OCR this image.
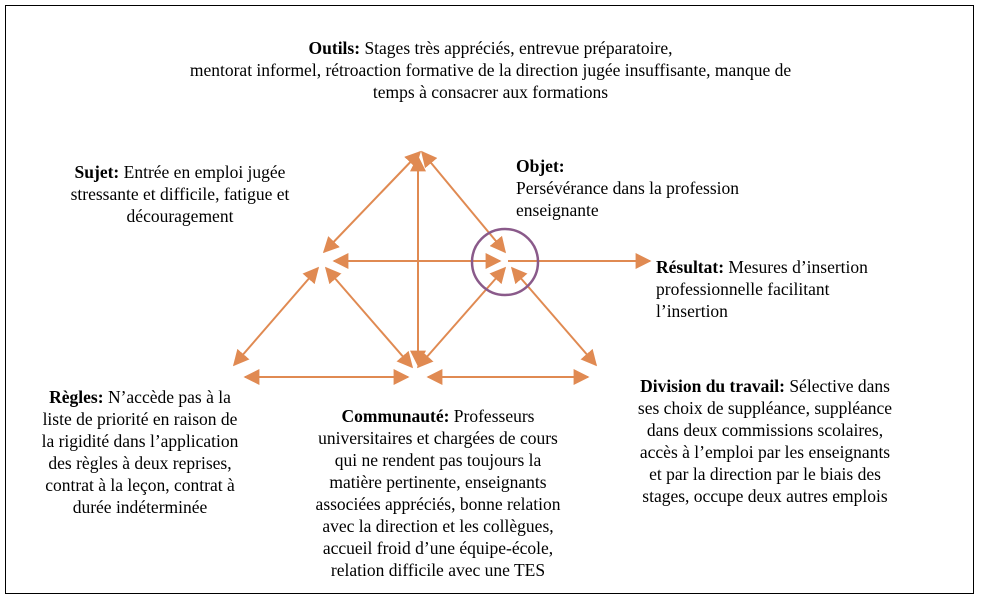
Outils: Stages très appréciés, entrevue préparatoire,
mentorat informel, rétroaction formative de la direction jugée insuffisante, manque de
temps à consacrer aux formations
Sujet: Entrée en emploi jugée
stressante et difficile, fatigue et
découragement
Objet:
Persévérance dans la profession
enseignante
Résultat: Mesures d’insertion
professionnelle facilitant
l’insertion
Règles: N’accède pas à la
liste de priorité en raison de
la rigidité dans l’application
des règles à deux reprises,
contrat à la leçon, contrat à
durée indéterminée
Communauté: Professeurs
universitaires et chargées de cours
qui ne rendent pas toujours la
matière pertinente, enseignants
associées appréciés, bonne relation
avec la direction et les collègues,
accueil froid d’une équipe-école,
relation difficile avec une TES
Division du travail: Sélective dans
ses choix de suppléance, suppléance
dans deux commissions scolaires,
accès à l’emploi par les enseignants
et par la direction par le biais des
stages, occupe deux autres emplois
